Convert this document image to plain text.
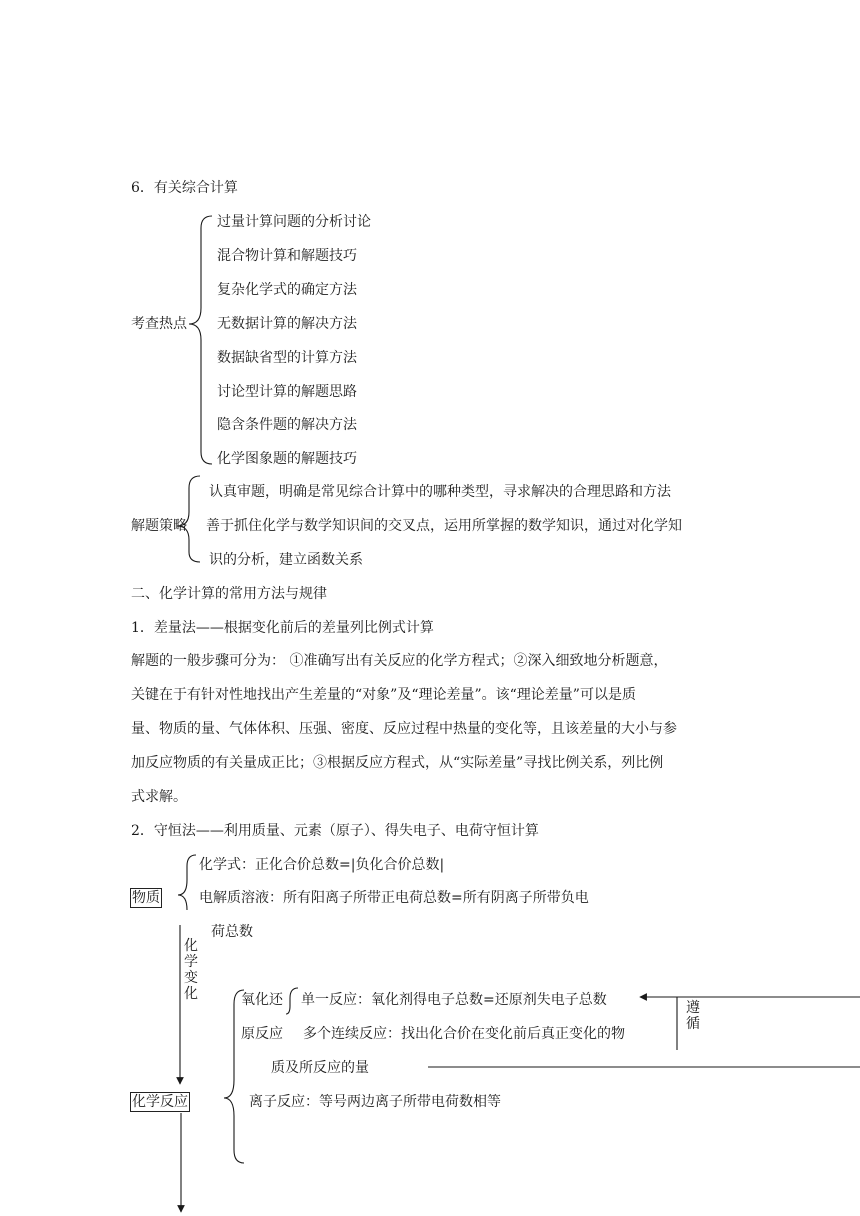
6．有关综合计算
考查热点
过量计算问题的分析讨论
混合物计算和解题技巧
复杂化学式的确定方法
无数据计算的解决方法
数据缺省型的计算方法
讨论型计算的解题思路
隐含条件题的解决方法
化学图象题的解题技巧
解题策略
认真审题，明确是常见综合计算中的哪种类型，寻求解决的合理思路和方法
善于抓住化学与数学知识间的交叉点，运用所掌握的数学知识，通过对化学知
识的分析，建立函数关系
二、化学计算的常用方法与规律
1．差量法——根据变化前后的差量列比例式计算
解题的一般步骤可分为： ①准确写出有关反应的化学方程式；②深入细致地分析题意，
关键在于有针对性地找出产生差量的“对象”及“理论差量”。该“理论差量”可以是质
量、物质的量、气体体积、压强、密度、反应过程中热量的变化等，且该差量的大小与参
加反应物质的有关量成正比；③根据反应方程式，从“实际差量”寻找比例关系，列比例
式求解。
2．守恒法——利用质量、元素（原子）、得失电子、电荷守恒计算
物质
化学式：正化合价总数=|负化合价总数|
电解质溶液：所有阳离子所带正电荷总数=所有阴离子所带负电
荷总数
化学变化	氧化还
原反应
单一反应：氧化剂得电子总数=还原剂失电子总数
多个连续反应：找出化合价在变化前后真正变化的物
质及所反应的量
遵循
化学反应	离子反应：等号两边离子所带电荷数相等
